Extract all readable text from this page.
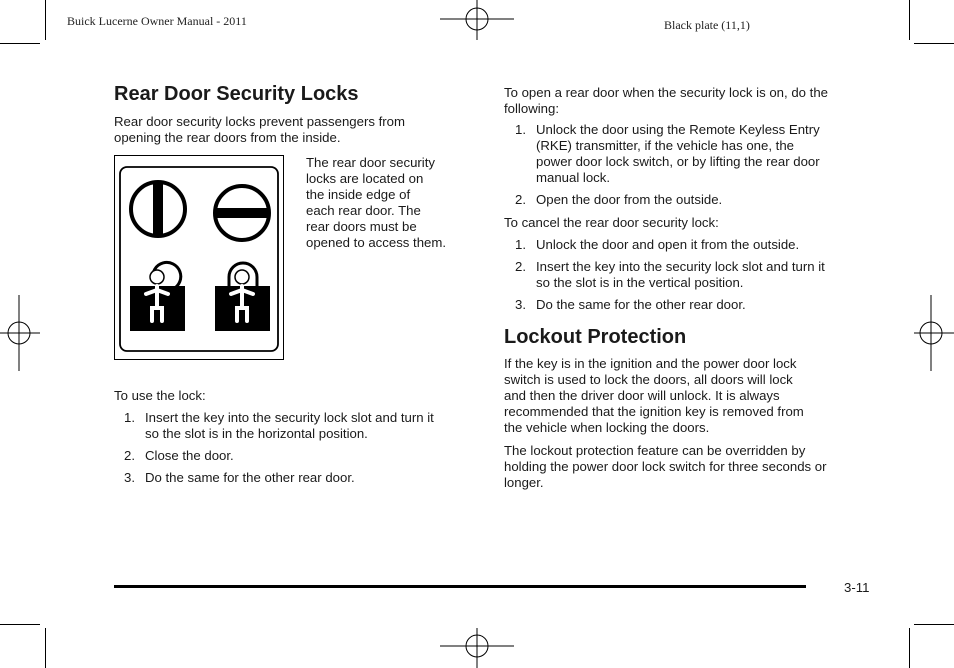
Buick Lucerne Owner Manual - 2011	Black plate (11,1)
Rear Door Security Locks
Rear door security locks prevent passengers from
opening the rear doors from the inside.
The rear door security
locks are located on
the inside edge of
each rear door. The
rear doors must be
opened to access them.
To use the lock:
1. Insert the key into the security lock slot and turn it
so the slot is in the horizontal position.
2. Close the door.
3. Do the same for the other rear door.
To open a rear door when the security lock is on, do the
following:
1. Unlock the door using the Remote Keyless Entry
(RKE) transmitter, if the vehicle has one, the
power door lock switch, or by lifting the rear door
manual lock.
2. Open the door from the outside.
To cancel the rear door security lock:
1. Unlock the door and open it from the outside.
2. Insert the key into the security lock slot and turn it
so the slot is in the vertical position.
3. Do the same for the other rear door.
Lockout Protection
If the key is in the ignition and the power door lock
switch is used to lock the doors, all doors will lock
and then the driver door will unlock. It is always
recommended that the ignition key is removed from
the vehicle when locking the doors.
The lockout protection feature can be overridden by
holding the power door lock switch for three seconds or
longer.
3-11
